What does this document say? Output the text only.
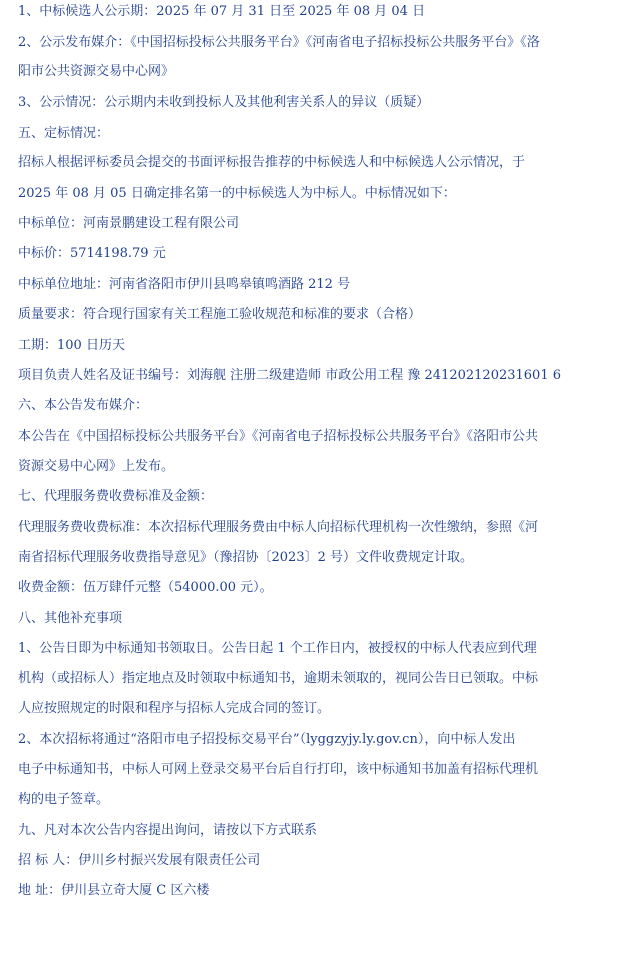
1、中标候选人公示期：2025 年 07 月 31 日至 2025 年 08 月 04 日
2、公示发布媒介：《中国招标投标公共服务平台》《河南省电子招标投标公共服务平台》《洛
阳市公共资源交易中心网》
3、公示情况：公示期内未收到投标人及其他利害关系人的异议（质疑）
五、定标情况：
招标人根据评标委员会提交的书面评标报告推荐的中标候选人和中标候选人公示情况，于
2025 年 08 月 05 日确定排名第一的中标候选人为中标人。中标情况如下：
中标单位：河南景鹏建设工程有限公司
中标价：5714198.79 元
中标单位地址：河南省洛阳市伊川县鸣皋镇鸣酒路 212 号
质量要求：符合现行国家有关工程施工验收规范和标准的要求（合格）
工期：100 日历天
项目负责人姓名及证书编号：刘海舰 注册二级建造师 市政公用工程 豫 241202120231601 6
六、本公告发布媒介：
本公告在《中国招标投标公共服务平台》《河南省电子招标投标公共服务平台》《洛阳市公共
资源交易中心网》上发布。
七、代理服务费收费标准及金额：
代理服务费收费标准：本次招标代理服务费由中标人向招标代理机构一次性缴纳，参照《河
南省招标代理服务收费指导意见》（豫招协〔2023〕2 号）文件收费规定计取。
收费金额：伍万肆仟元整（54000.00 元）。
八、其他补充事项
1、公告日即为中标通知书领取日。公告日起 1 个工作日内，被授权的中标人代表应到代理
机构（或招标人）指定地点及时领取中标通知书，逾期未领取的，视同公告日已领取。中标
人应按照规定的时限和程序与招标人完成合同的签订。
2、本次招标将通过“洛阳市电子招投标交易平台”（lyggzyjy.ly.gov.cn），向中标人发出
电子中标通知书，中标人可网上登录交易平台后自行打印，该中标通知书加盖有招标代理机
构的电子签章。
九、凡对本次公告内容提出询问，请按以下方式联系
招 标 人：伊川乡村振兴发展有限责任公司
地 址：伊川县立奇大厦 C 区六楼
